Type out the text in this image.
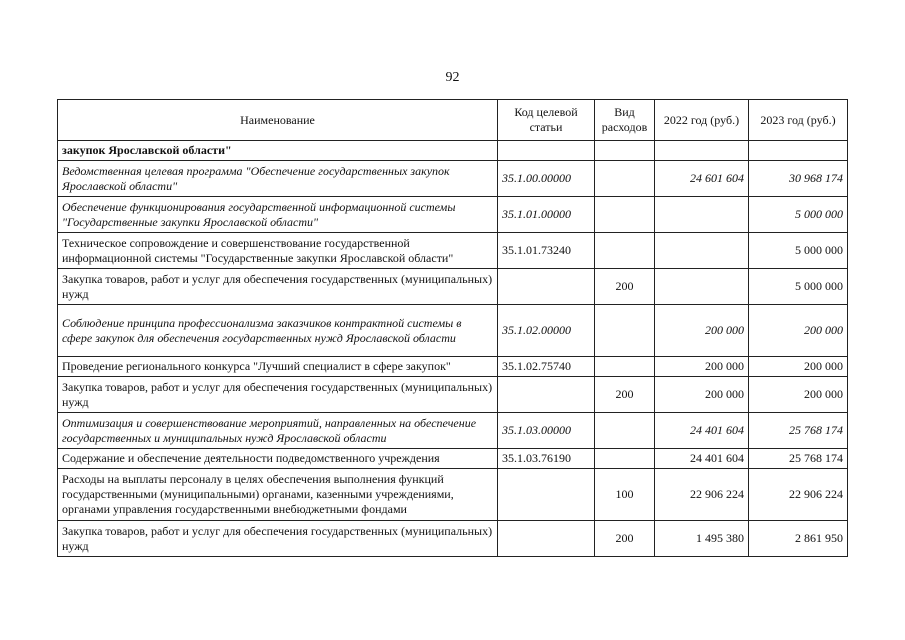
92
Наименование	Код целевой статьи	Вид расходов	2022 год (руб.)	2023 год (руб.)
закупок Ярославской области"				
Ведомственная целевая программа "Обеспечение государственных закупок Ярославской области"	35.1.00.00000		24 601 604	30 968 174
Обеспечение функционирования государственной информационной системы "Государственные закупки Ярославской области"	35.1.01.00000			5 000 000
Техническое сопровождение и совершенствование государственной информационной системы "Государственные закупки Ярославской области"	35.1.01.73240			5 000 000
Закупка товаров, работ и услуг для обеспечения государственных (муниципальных) нужд		200		5 000 000
Соблюдение принципа профессионализма заказчиков контрактной системы в сфере закупок для обеспечения государственных нужд Ярославской области	35.1.02.00000		200 000	200 000
Проведение регионального конкурса "Лучший специалист в сфере закупок"	35.1.02.75740		200 000	200 000
Закупка товаров, работ и услуг для обеспечения государственных (муниципальных) нужд		200	200 000	200 000
Оптимизация и совершенствование мероприятий, направленных на обеспечение государственных и муниципальных нужд Ярославской области	35.1.03.00000		24 401 604	25 768 174
Содержание и обеспечение деятельности подведомственного учреждения	35.1.03.76190		24 401 604	25 768 174
Расходы на выплаты персоналу в целях обеспечения выполнения функций государственными (муниципальными) органами, казенными учреждениями, органами управления государственными внебюджетными фондами		100	22 906 224	22 906 224
Закупка товаров, работ и услуг для обеспечения государственных (муниципальных) нужд		200	1 495 380	2 861 950
